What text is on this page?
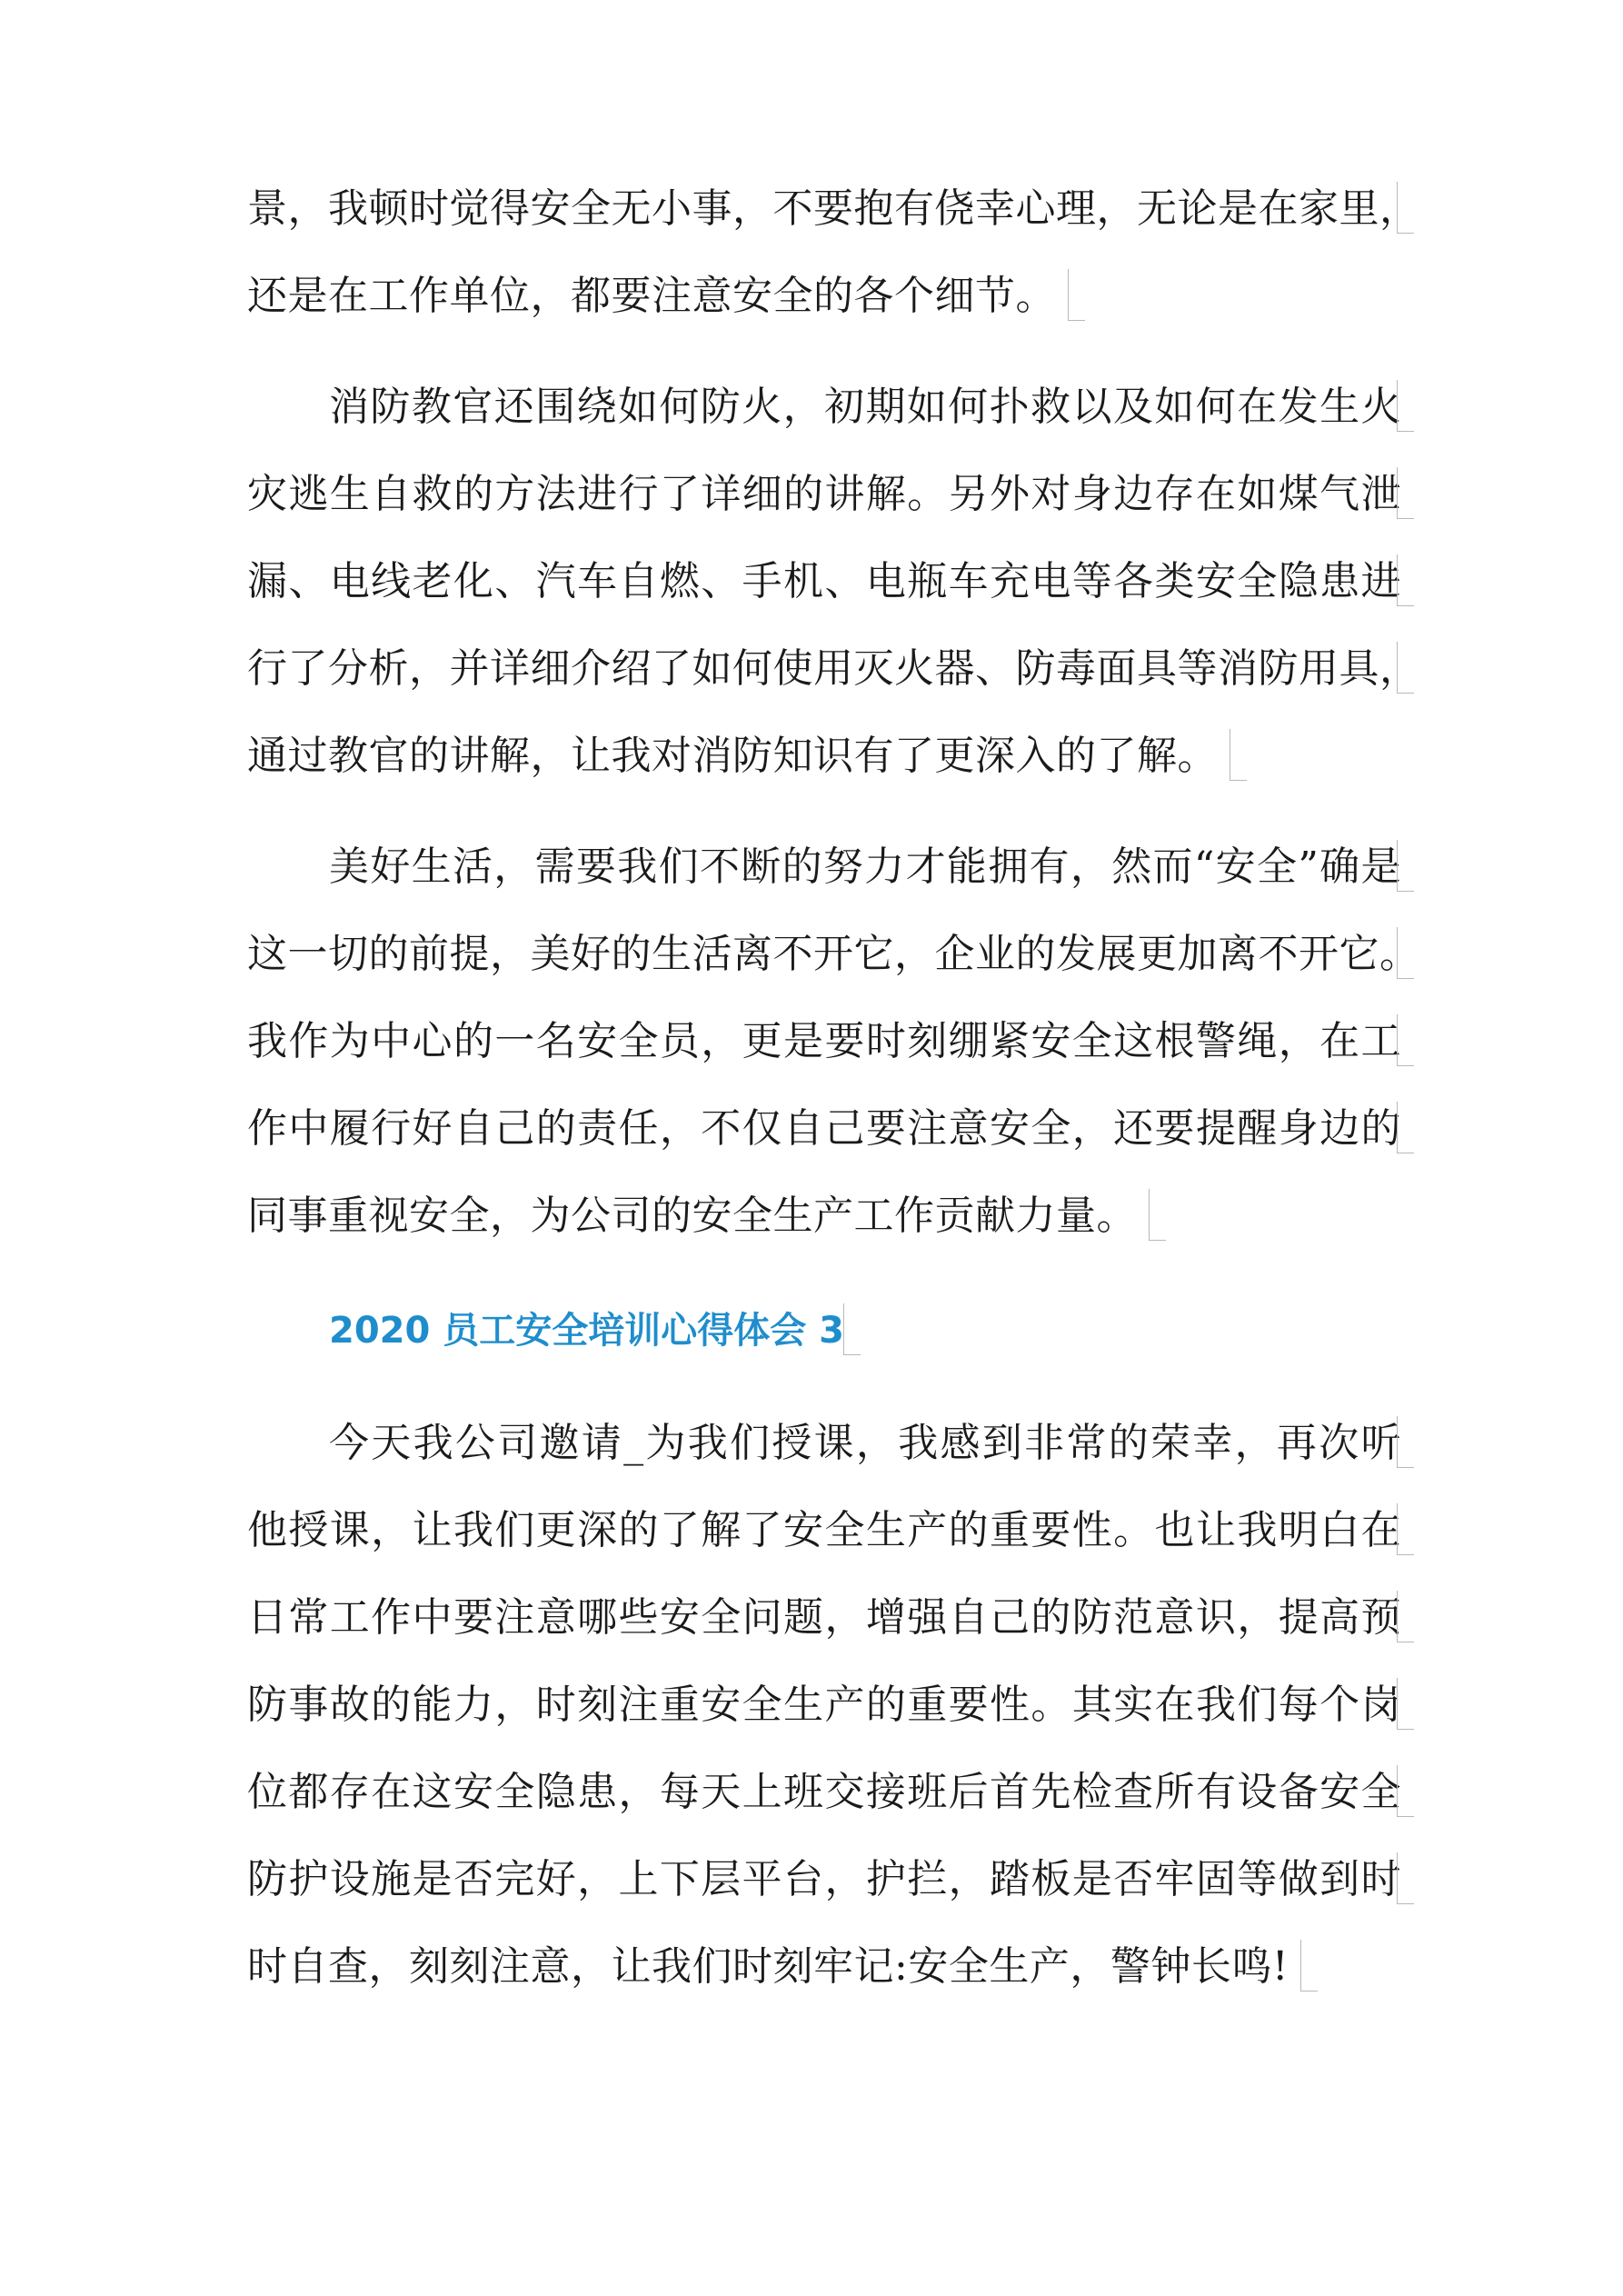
景，我顿时觉得安全无小事，不要抱有侥幸心理，无论是在家里，
还是在工作单位，都要注意安全的各个细节。
消防教官还围绕如何防火，初期如何扑救以及如何在发生火
灾逃生自救的方法进行了详细的讲解。另外对身边存在如煤气泄
漏、电线老化、汽车自燃、手机、电瓶车充电等各类安全隐患进
行了分析，并详细介绍了如何使用灭火器、防毒面具等消防用具，
通过教官的讲解，让我对消防知识有了更深入的了解。
美好生活，需要我们不断的努力才能拥有，然而“安全”确是
这一切的前提，美好的生活离不开它，企业的发展更加离不开它。
我作为中心的一名安全员，更是要时刻绷紧安全这根警绳，在工
作中履行好自己的责任，不仅自己要注意安全，还要提醒身边的
同事重视安全，为公司的安全生产工作贡献力量。
2020 员工安全培训心得体会 3
今天我公司邀请_为我们授课，我感到非常的荣幸，再次听
他授课，让我们更深的了解了安全生产的重要性。也让我明白在
日常工作中要注意哪些安全问题，增强自己的防范意识，提高预
防事故的能力，时刻注重安全生产的重要性。其实在我们每个岗
位都存在这安全隐患，每天上班交接班后首先检查所有设备安全
防护设施是否完好，上下层平台，护拦，踏板是否牢固等做到时
时自查，刻刻注意，让我们时刻牢记:安全生产，警钟长鸣!
